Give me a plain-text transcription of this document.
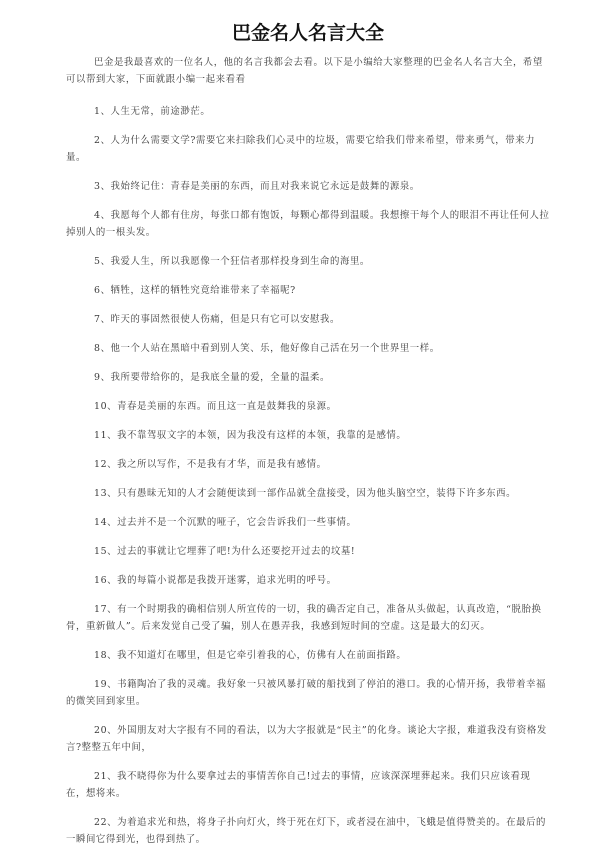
巴金名人名言大全

巴金是我最喜欢的一位名人，他的名言我都会去看。以下是小编给大家整理的巴金名人名言大全，希望可以帮到大家，下面就跟小编一起来看看

1、人生无常，前途渺茫。

2、人为什么需要文学?需要它来扫除我们心灵中的垃圾，需要它给我们带来希望，带来勇气，带来力量。

3、我始终记住：青春是美丽的东西，而且对我来说它永远是鼓舞的源泉。

4、我愿每个人都有住房，每张口都有饱饭，每颗心都得到温暖。我想擦干每个人的眼泪不再让任何人拉掉别人的一根头发。

5、我爱人生，所以我愿像一个狂信者那样投身到生命的海里。

6、牺牲，这样的牺牲究竟给谁带来了幸福呢?

7、昨天的事固然很使人伤痛，但是只有它可以安慰我。

8、他一个人站在黑暗中看到别人笑、乐，他好像自己活在另一个世界里一样。

9、我所要带给你的，是我底全量的爱，全量的温柔。

10、青春是美丽的东西。而且这一直是鼓舞我的泉源。

11、我不靠驾驭文字的本领，因为我没有这样的本领，我靠的是感情。

12、我之所以写作，不是我有才华，而是我有感情。

13、只有愚昧无知的人才会随便读到一部作品就全盘接受，因为他头脑空空，装得下许多东西。

14、过去并不是一个沉默的哑子，它会告诉我们一些事情。

15、过去的事就让它埋葬了吧!为什么还要挖开过去的坟墓!

16、我的每篇小说都是我拨开迷雾，追求光明的呼号。

17、有一个时期我的确相信别人所宣传的一切，我的确否定自己，准备从头做起，认真改造，“脱胎换骨，重新做人”。后来发觉自己受了骗，别人在愚弄我，我感到短时间的空虚。这是最大的幻灭。

18、我不知道灯在哪里，但是它牵引着我的心，仿佛有人在前面指路。

19、书籍陶冶了我的灵魂。我好象一只被风暴打破的船找到了停泊的港口。我的心情开扬，我带着幸福的微笑回到家里。

20、外国朋友对大字报有不同的看法，以为大字报就是“民主”的化身。谈论大字报，难道我没有资格发言?整整五年中间，

21、我不晓得你为什么要拿过去的事情苦你自己!过去的事情，应该深深埋葬起来。我们只应该看现在，想将来。

22、为着追求光和热，将身子扑向灯火，终于死在灯下，或者浸在油中，飞蛾是值得赞美的。在最后的一瞬间它得到光，也得到热了。
